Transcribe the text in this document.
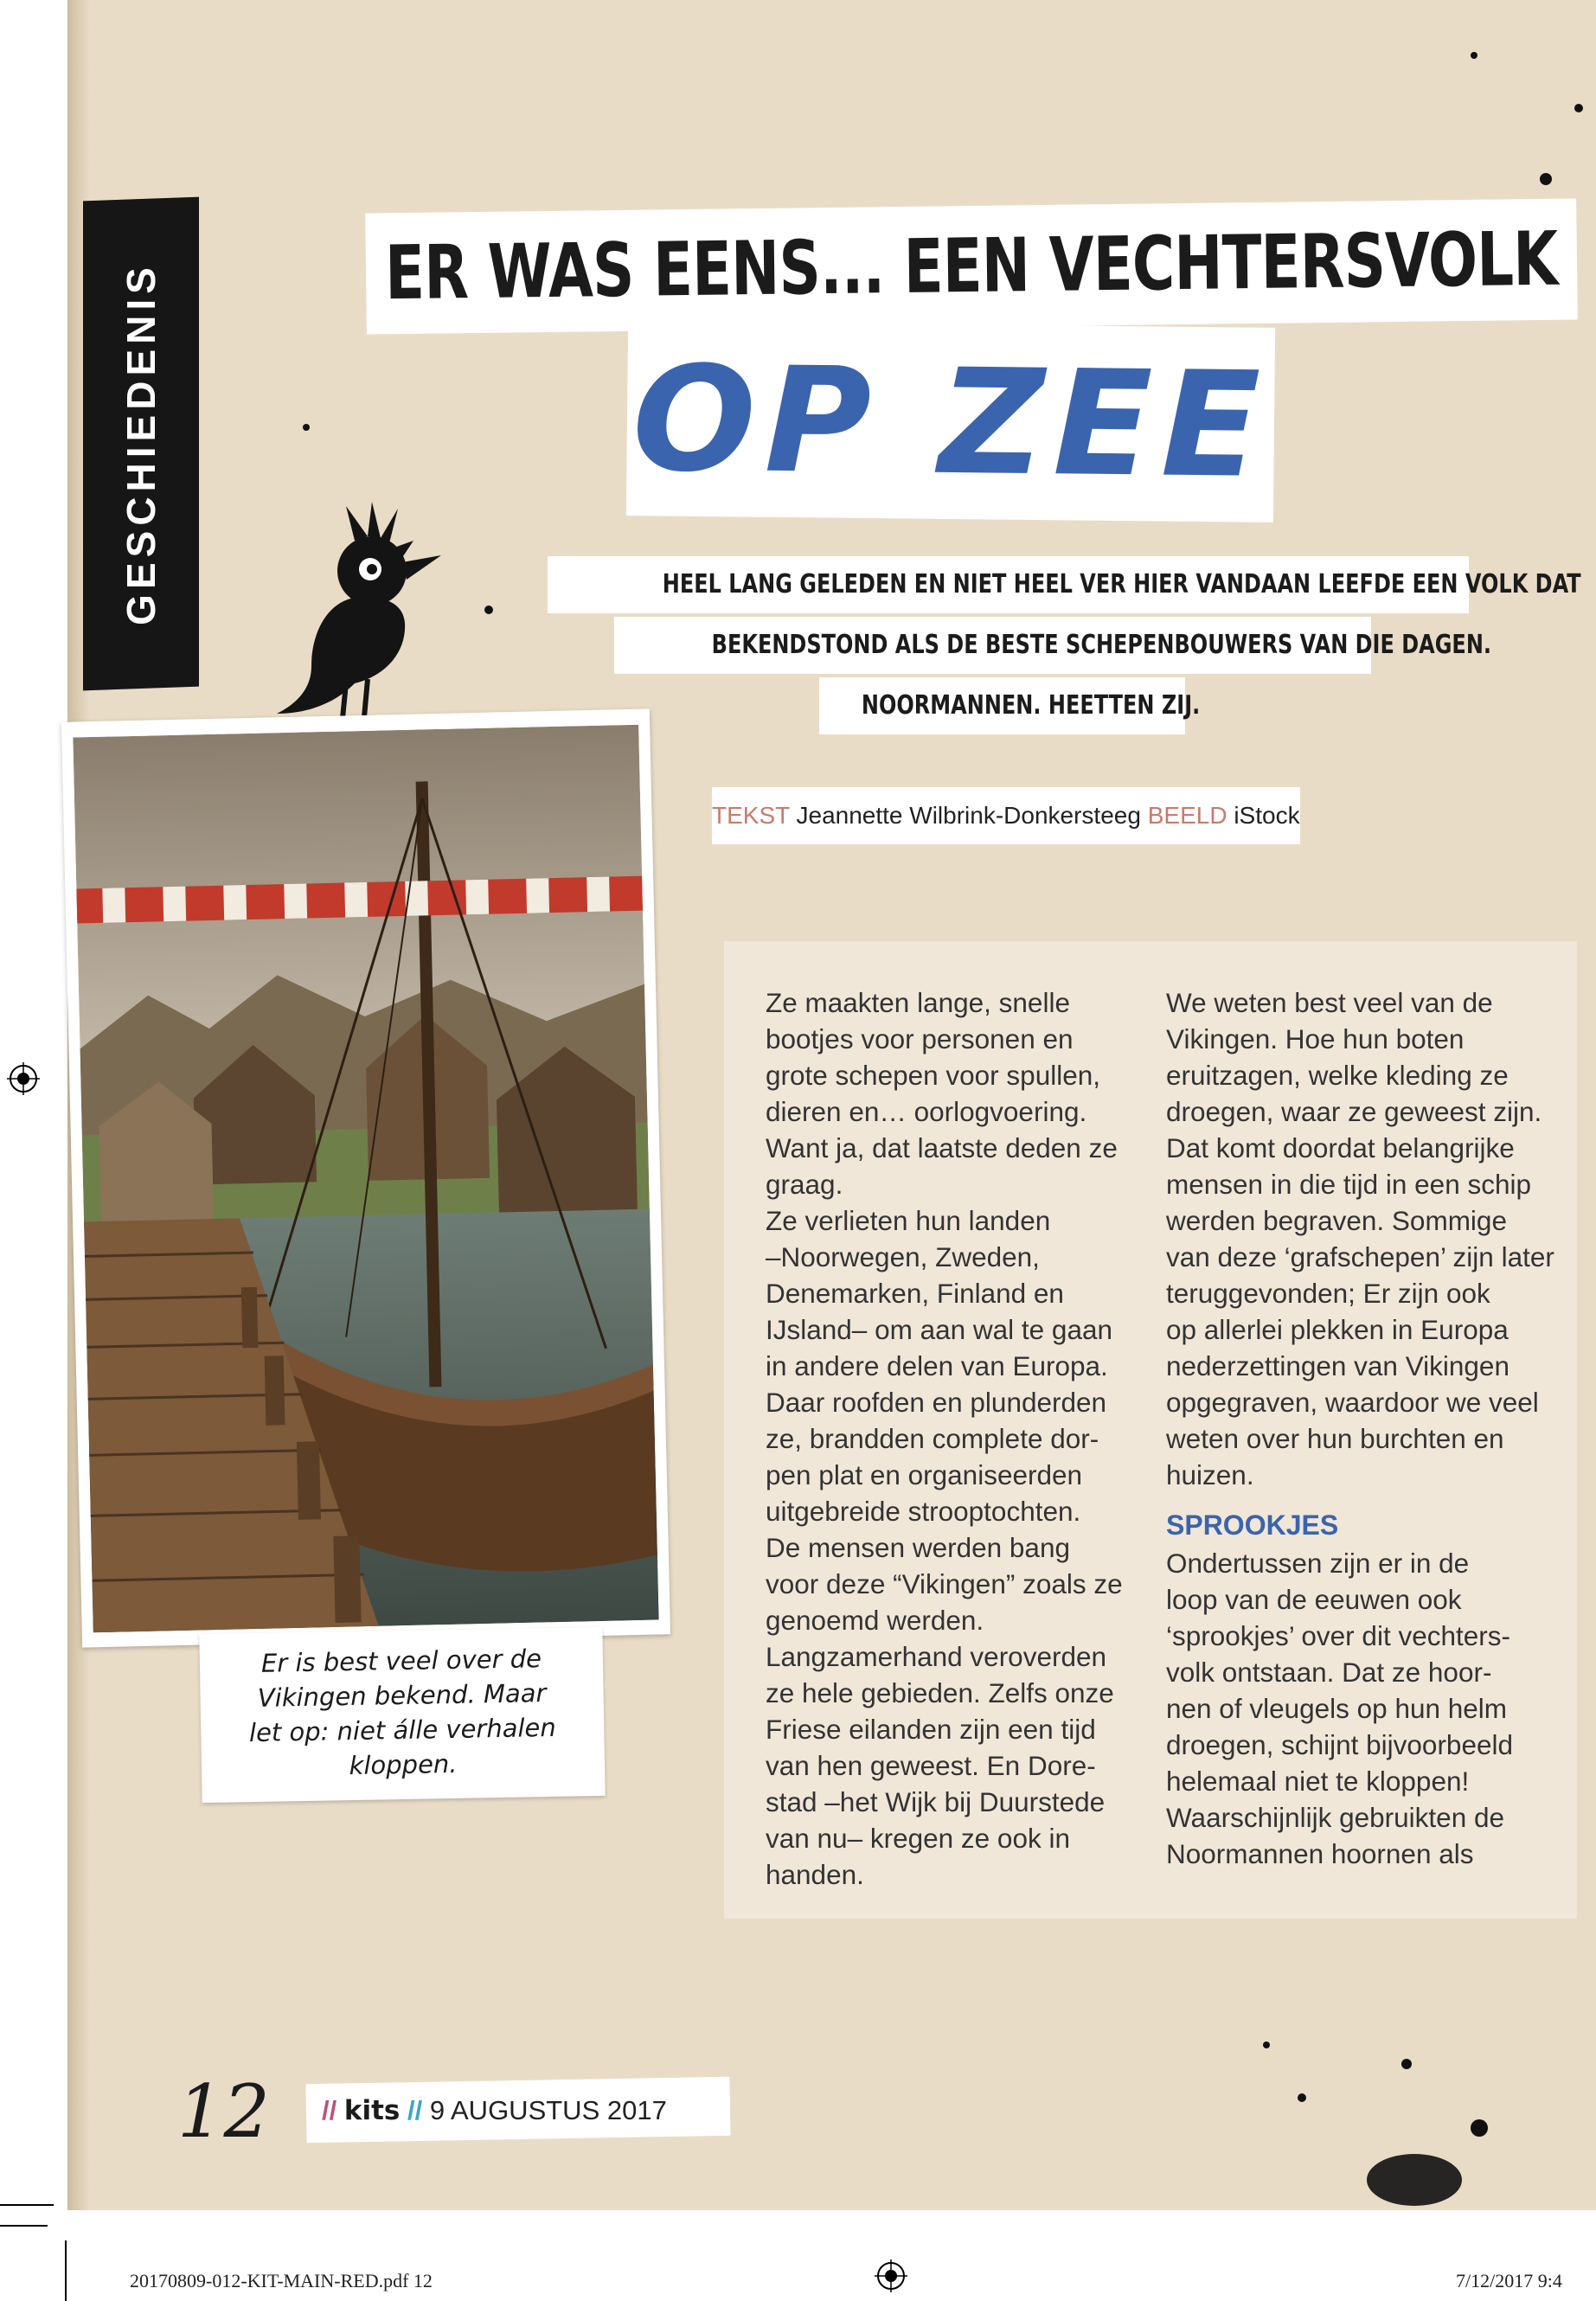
GESCHIEDENIS	ER WAS EENS... EEN VECHTERSVOLK
OP ZEE
HEEL LANG GELEDEN EN NIET HEEL VER HIER VANDAAN LEEFDE EEN VOLK DAT
BEKENDSTOND ALS DE BESTE SCHEPENBOUWERS VAN DIE DAGEN.
NOORMANNEN. HEETTEN ZIJ.
TEKST Jeannette Wilbrink-Donkersteeg BEELD iStock
Er is best veel over de
Vikingen bekend. Maar
let op: niet álle verhalen
kloppen.
Ze maakten lange, snelle
bootjes voor personen en
grote schepen voor spullen,
dieren en… oorlogvoering.
Want ja, dat laatste deden ze
graag.
Ze verlieten hun landen
–Noorwegen, Zweden,
Denemarken, Finland en
IJsland– om aan wal te gaan
in andere delen van Europa.
Daar roofden en plunderden
ze, brandden complete dor-
pen plat en organiseerden
uitgebreide strooptochten.
De mensen werden bang
voor deze “Vikingen” zoals ze
genoemd werden.
Langzamerhand veroverden
ze hele gebieden. Zelfs onze
Friese eilanden zijn een tijd
van hen geweest. En Dore-
stad –het Wijk bij Duurstede
van nu– kregen ze ook in
handen.
We weten best veel van de
Vikingen. Hoe hun boten
eruitzagen, welke kleding ze
droegen, waar ze geweest zijn.
Dat komt doordat belangrijke
mensen in die tijd in een schip
werden begraven. Sommige
van deze ‘grafschepen’ zijn later
teruggevonden; Er zijn ook
op allerlei plekken in Europa
nederzettingen van Vikingen
opgegraven, waardoor we veel
weten over hun burchten en
huizen.
SPROOKJES
Ondertussen zijn er in de
loop van de eeuwen ook
‘sprookjes’ over dit vechters-
volk ontstaan. Dat ze hoor-
nen of vleugels op hun helm
droegen, schijnt bijvoorbeeld
helemaal niet te kloppen!
Waarschijnlijk gebruikten de
Noormannen hoornen als
12 // kits // 9 AUGUSTUS 2017
20170809-012-KIT-MAIN-RED.pdf 12	7/12/2017 9:4
